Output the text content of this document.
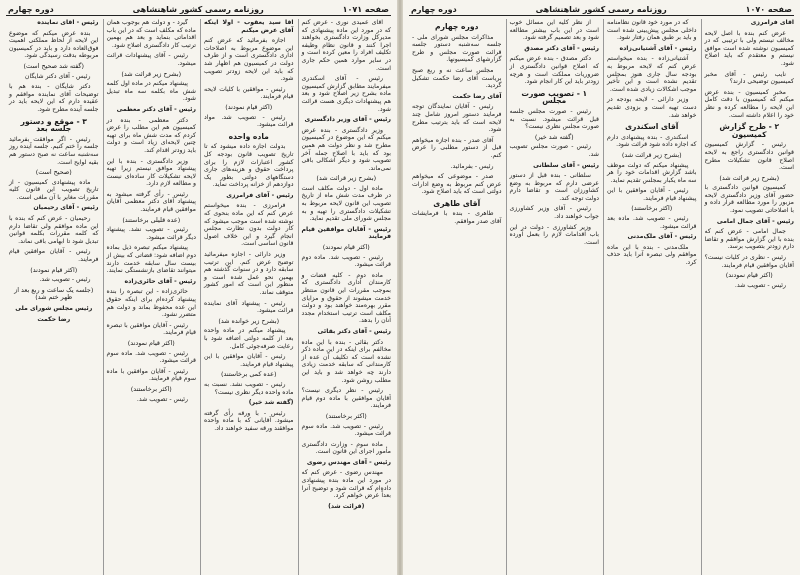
صفحه ۱۰۷۱
روزنامه رسمی کشور شاهنشاهی
دوره چهارم

آقای عمیدی نوری - عرض کنم که در مورد این ماده پیشنهادی که مدیرکل وزارت دادگستری بخواهند اجرا کنند و قانون نظام وظیفه تکلیف افراد را معین کرده است و در سایر موارد همین حکم جاری است.

رئیس - آقای اسکندری میفرمایند مطابق گزارش کمیسیون ماده بشرح زیر اصلاح شود و بعد هم پیشنهادات دیگری هست قرائت شود.

رئیس - آقای وزیر دادگستری

وزیر دادگستری - بنده عرض میکنم که این موضوع در کمیسیون مطرح شد و نظر دولت هم همین بود که باید با اصلاح جمله آخر تصویب شود و دیگر اشکالی باقی نمی‌ماند.

(بشرح زیر قرائت شد)

ماده اول - دولت مکلف است در ظرف مدت شش ماه از تاریخ تصویب این قانون لایحه مربوط به تشکیلات دادگستری را تهیه و به مجلس شورای ملی تقدیم نماید.

رئیس - آقایان موافقین قیام فرمایند

(اکثر قیام نمودند)

رئیس - تصویب شد. ماده دوم قرائت میشود.

ماده دوم - کلیه قضات و کارمندان اداری دادگستری که بموجب مقررات این قانون منتظر خدمت میشوند از حقوق و مزایای مقرر بهره‌مند خواهند بود و دولت مکلف است ترتیب استخدام مجدد آنان را بدهد.

رئیس - آقای دکتر بقائی

دکتر بقائی - بنده با این ماده مخالفم برای اینکه در این ماده ذکر نشده است که تکلیف آن عده از کارمندانی که سابقه خدمت زیادی دارند چه خواهد شد و باید این مطلب روشن شود.

رئیس - نظر دیگری نیست؟ آقایان موافقین با ماده دوم قیام فرمایند.

(اکثر برخاستند)

رئیس - تصویب شد. ماده سوم قرائت میشود.

ماده سوم - وزارت دادگستری مأمور اجرای این قانون است.

رئیس - آقای مهندس رضوی

مهندس رضوی - عرض کنم که در مورد این ماده بنده پیشنهادی داده‌ام که قرائت شود و توضیح آنرا بعداً عرض خواهم کرد.

(قرائت شد)

آقا سید یعقوب - اولا اینکه آقای عرض میکنم

اجازه بفرمائید که عرض کنم این موضوع مربوط به اصلاحات اداری دادگستری است و از طرف دولت در کمیسیون هم اظهار شد که باید این لایحه زودتر تصویب شود.

رئیس - موافقین با کلیات لایحه قیام فرمایند.

(اکثر قیام نمودند)

رئیس - تصویب شد. مواد قرائت میشود.

ماده واحده

بدولت اجازه داده میشود که تا تاریخ تصویب قانون بودجه کل کشور اعتبارات لازم را برای پرداخت حقوق و هزینه‌های جاری دستگاههای دولتی بطور یک دوازدهم از خزانه پرداخت نماید.

رئیس - آقای فرامرزی

فرامرزی - بنده میخواستم عرض کنم که این ماده بنحوی که نوشته شده است موجب میشود که کار دولت بدون نظارت مجلس انجام گیرد و این خلاف اصول قانون اساسی است.

وزیر دارائی - اجازه میفرمائید توضیح عرض کنم. این ترتیب سابقه دارد و در سنوات گذشته هم بهمین نحو عمل شده است و منظور این است که امور کشور متوقف نماند.

رئیس - پیشنهاد آقای نماینده قرائت میشود.

(بشرح زیر خوانده شد)

پیشنهاد میکنم در ماده واحده بعد از کلمه دولتی اضافه شود با رعایت صرفه‌جوئی کامل.

رئیس - آقایان موافقین با این پیشنهاد قیام فرمایند.

(عده کمی برخاستند)

رئیس - تصویب نشد. نسبت به ماده واحده دیگر نظری نیست؟

(گفته شد خیر)

رئیس - با ورقه رأی گرفته میشود. آقایانی که با ماده واحده موافقند ورقه سفید خواهند داد.

گیرد - و دولت هم بوجوب همان ماده که مکلف است که در این باب اقداماتی بنماید و بعد هم بهمین ترتیب کار دادگستری اصلاح شود.

رئیس - آقای پیشنهادات قرائت میشود.

(بشرح زیر قرائت شد)

پیشنهاد میکنم در ماده اول کلمه شش ماه بکلمه سه ماه تبدیل شود.

رئیس - آقای دکتر معظمی

دکتر معظمی - بنده در کمیسیون هم این مطلب را عرض کردم که مدت شش ماه برای تهیه چنین لایحه‌ای زیاد است و دولت باید زودتر اقدام کند.

وزیر دادگستری - بنده با این پیشنهاد موافق نیستم زیرا تهیه لایحه تشکیلات کار ساده‌ای نیست و مطالعه لازم دارد.

رئیس - رأی گرفته میشود به پیشنهاد آقای دکتر معظمی آقایان موافقین قیام فرمایند.

(عده قلیلی برخاستند)

رئیس - تصویب نشد. پیشنهاد دیگر قرائت میشود.

پیشنهاد میکنم تبصره ذیل بماده دوم اضافه شود: قضاتی که بیش از بیست سال سابقه خدمت دارند میتوانند تقاضای بازنشستگی نمایند.

رئیس - آقای حائری‌زاده

حائری‌زاده - این تبصره را بنده پیشنهاد کرده‌ام برای اینکه حقوق این عده محفوظ بماند و دولت هم متضرر نشود.

رئیس - آقایان موافقین با تبصره قیام فرمایند.

(اکثر قیام نمودند)

رئیس - تصویب شد. ماده سوم قرائت میشود.

رئیس - آقایان موافقین با ماده سوم قیام فرمایند.

(اکثر برخاستند)

رئیس - تصویب شد.

رئیس - آقای نماینده

بنده عرض میکنم که موضوع این لایحه از لحاظ مملکتی اهمیت فوق‌العاده دارد و باید در کمیسیون مربوطه بدقت رسیدگی شود.

(گفته شد صحیح است)

رئیس - آقای دکتر شایگان

دکتر شایگان - بنده هم با توضیحات آقای نماینده موافقم و عقیده دارم که این لایحه باید در جلسه آینده مطرح شود.

۳ - موقع و دستور جلسه بعد

رئیس - اگر موافقت بفرمائید جلسه را ختم کنیم. جلسه آینده روز سه‌شنبه ساعت نه صبح دستور هم بقیه لوایح است.

(صحیح است)

ماده پیشنهادی کمیسیون - از تاریخ تصویب این قانون کلیه مقررات مغایر با آن ملغی است.

رئیس - آقای رحیمیان

رحیمیان - عرض کنم که بنده با این ماده موافقم ولی تقاضا دارم که کلمه مقررات بکلمه قوانین تبدیل شود تا ابهامی باقی نماند.

رئیس - آقایان موافقین قیام فرمایند.

(اکثر قیام نمودند)

رئیس - تصویب شد.

(جلسه یک ساعت و ربع بعد از ظهر ختم شد)

رئیس مجلس شورای ملی

رضا حکمت

صفحه ۱۰۷۰
روزنامه رسمی کشور شاهنشاهی
دوره چهارم

آقای فرامرزی

عرض کنم بنده با اصل لایحه مخالف نیستم ولی با ترتیبی که در کمیسیون نوشته شده است موافق نیستم و معتقدم که باید اصلاح شود.

نایب رئیس - آقای مخبر کمیسیون توضیحی دارند؟

مخبر کمیسیون - بنده عرض میکنم که کمیسیون با دقت کامل این لایحه را مطالعه کرده و نظر خود را اعلام داشته است.

۲ - طرح گزارش کمیسیون

رئیس - گزارش کمیسیون قوانین دادگستری راجع به لایحه اصلاح قانون تشکیلات مطرح است.

(بشرح زیر قرائت شد)

کمیسیون قوانین دادگستری با حضور آقای وزیر دادگستری لایحه مزبور را مورد مطالعه قرار داده و با اصلاحاتی تصویب نمود.

رئیس - آقای جمال امامی

جمال امامی - عرض کنم که بنده با این گزارش موافقم و تقاضا دارم زودتر بتصویب برسد.

رئیس - نظری در کلیات نیست؟ آقایان موافقین قیام فرمایند.

(اکثر قیام نمودند)

رئیس - تصویب شد.

که در مورد خود قانون نظامنامه داخلی مجلس پیش‌بینی شده است و باید بر طبق همان رفتار شود.

رئیس - آقای آشتیانی‌زاده

آشتیانی‌زاده - بنده میخواستم عرض کنم که لایحه مربوط به بودجه سال جاری هنوز بمجلس تقدیم نشده است و این تأخیر موجب اشکالات زیادی شده است.

وزیر دارائی - لایحه بودجه در دست تهیه است و بزودی تقدیم خواهد شد.

آقای اسکندری

اسکندری - بنده پیشنهادی دارم که اجازه داده شود قرائت شود.

(بشرح زیر قرائت شد)

پیشنهاد میکنم که دولت موظف باشد گزارش اقدامات خود را هر سه ماه یکبار بمجلس تقدیم نماید.

رئیس - آقایان موافقین با این پیشنهاد قیام فرمایند.

(اکثر برخاستند)

رئیس - تصویب شد. ماده بعد قرائت میشود.

رئیس - آقای ملک‌مدنی

ملک‌مدنی - بنده با این ماده موافقم ولی تبصره آنرا باید حذف کرد.

از نظر کلیه این مسائل خوب است در این باب بیشتر مطالعه شود و بعد تصمیم گرفته شود.

رئیس - آقای دکتر مصدق

دکتر مصدق - بنده عرض میکنم که اصلاح قوانین دادگستری از ضروریات مملکت است و هرچه زودتر باید این کار انجام شود.

۱ - تصویب صورت مجلس

رئیس - صورت مجلس جلسه قبل قرائت میشود. نسبت به صورت مجلس نظری نیست؟

(گفته شد خیر)

رئیس - صورت مجلس تصویب شد.

رئیس - آقای سلطانی

سلطانی - بنده قبل از دستور عرضی دارم که مربوط به وضع کشاورزان است و تقاضا دارم دولت توجه کند.

رئیس - آقای وزیر کشاورزی جواب خواهند داد.

وزیر کشاورزی - دولت در این باب اقدامات لازم را بعمل آورده است.

دوره چهارم

مذاکرات مجلس شورای ملی - جلسه سه‌شنبه دستور جلسه قرائت صورت مجلس و طرح گزارشهای کمیسیونها.

مجلس ساعت نه و ربع صبح بریاست آقای رضا حکمت تشکیل گردید.

آقای رضا حکمت

رئیس - آقایان نمایندگان توجه فرمایند دستور امروز شامل چند لایحه است که باید بترتیب مطرح شود.

آقای صدر - بنده اجازه میخواهم قبل از دستور مطلبی را عرض کنم.

رئیس - بفرمائید.

صدر - موضوعی که میخواهم عرض کنم مربوط به وضع ادارات دولتی است که باید اصلاح شود.

آقای طاهری

طاهری - بنده با فرمایشات آقای صدر موافقم.
